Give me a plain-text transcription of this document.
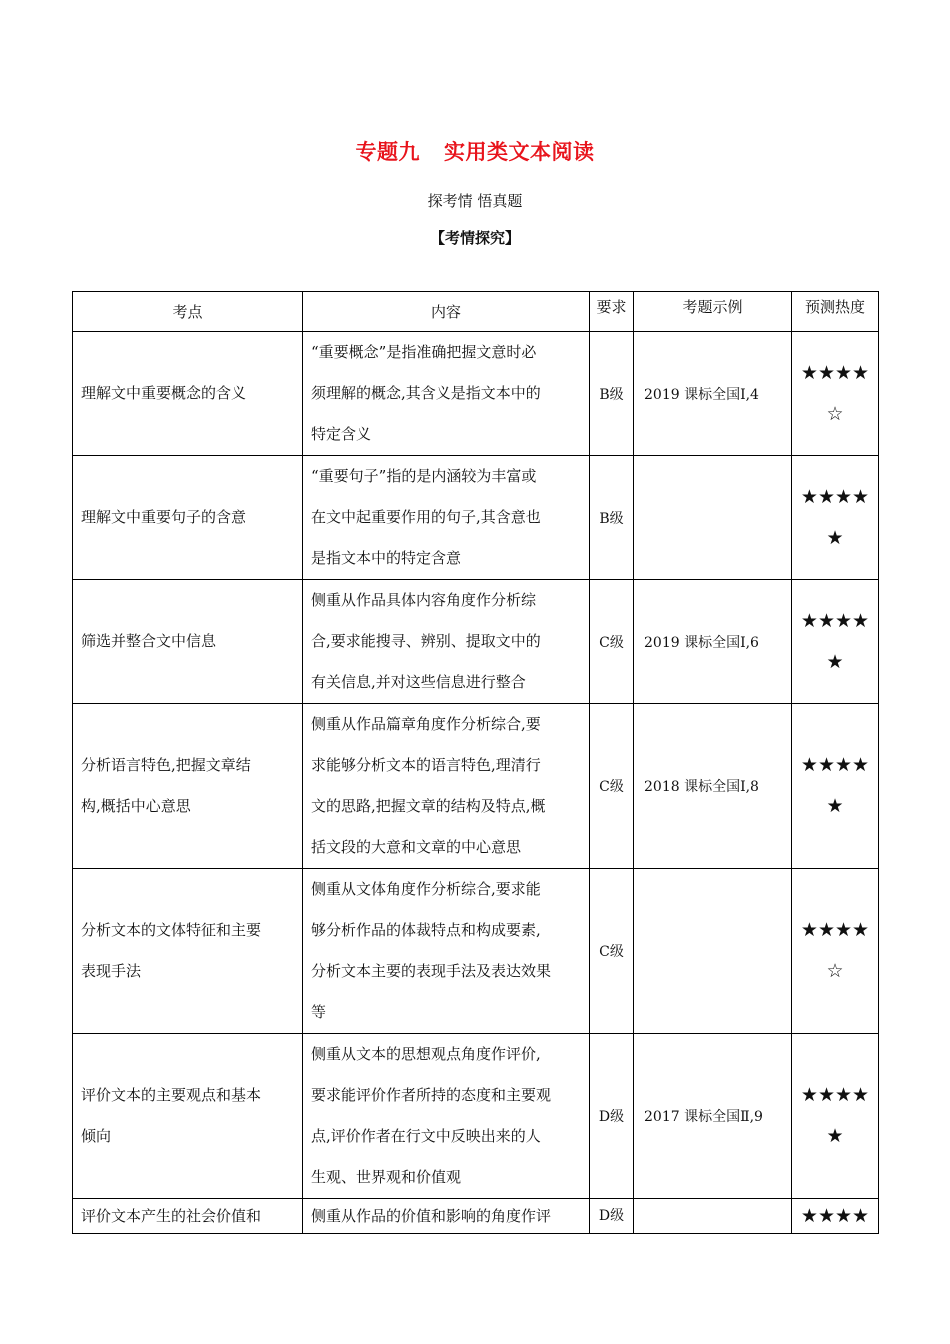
专题九 实用类文本阅读
探考情 悟真题
【考情探究】
考点	内容	要求	考题示例	预测热度

理解文中重要概念的含义	“重要概念”是指准确把握文意时必
须理解的概念,其含义是指文本中的
特定含义	B级	2019 课标全国Ⅰ,4	★★★★
☆

理解文中重要句子的含意	“重要句子”指的是内涵较为丰富或
在文中起重要作用的句子,其含意也
是指文本中的特定含意	B级		★★★★
★

筛选并整合文中信息	侧重从作品具体内容角度作分析综
合,要求能搜寻、辨别、提取文中的
有关信息,并对这些信息进行整合	C级	2019 课标全国Ⅰ,6	★★★★
★

分析语言特色,把握文章结
构,概括中心意思	侧重从作品篇章角度作分析综合,要
求能够分析文本的语言特色,理清行
文的思路,把握文章的结构及特点,概
括文段的大意和文章的中心意思	C级	2018 课标全国Ⅰ,8	★★★★
★

分析文本的文体特征和主要
表现手法	侧重从文体角度作分析综合,要求能
够分析作品的体裁特点和构成要素,
分析文本主要的表现手法及表达效果
等	C级		★★★★
☆

评价文本的主要观点和基本
倾向	侧重从文本的思想观点角度作评价,
要求能评价作者所持的态度和主要观
点,评价作者在行文中反映出来的人
生观、世界观和价值观	D级	2017 课标全国Ⅱ,9	★★★★
★

评价文本产生的社会价值和	侧重从作品的价值和影响的角度作评	D级		★★★★
